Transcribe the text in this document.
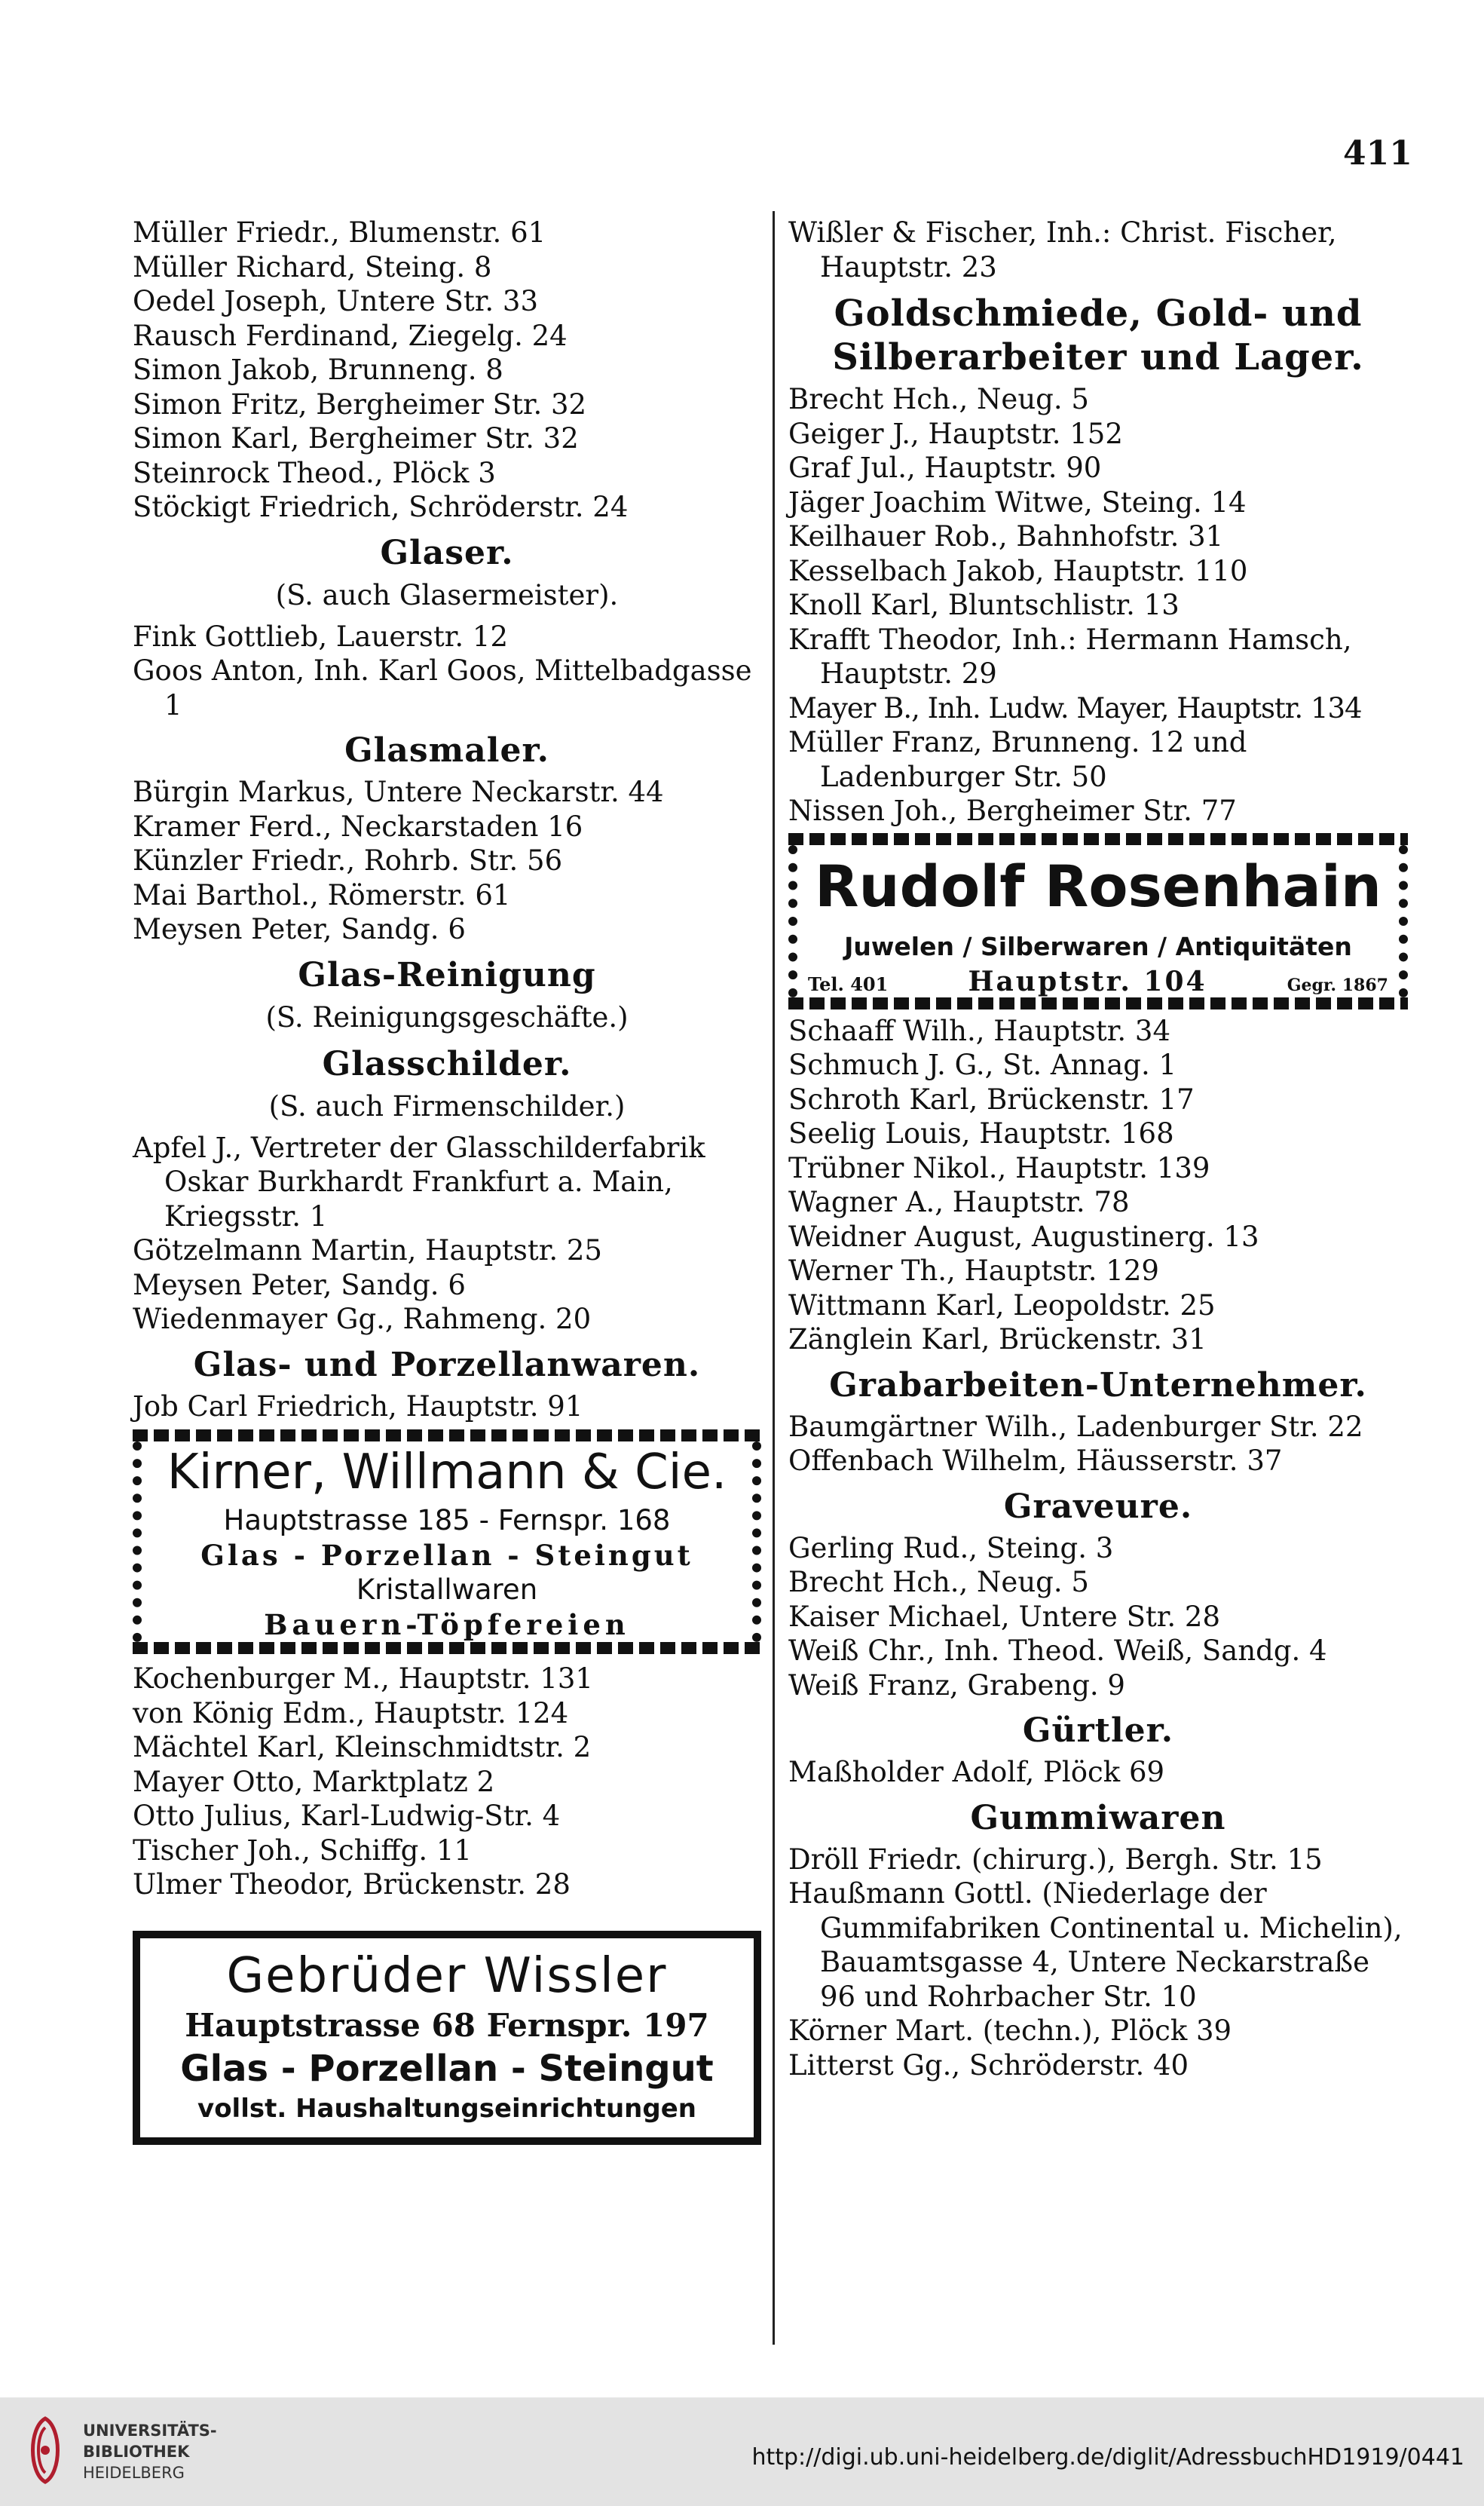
411
Müller Friedr., Blumenstr. 61
Müller Richard, Steing. 8
Oedel Joseph, Untere Str. 33
Rausch Ferdinand, Ziegelg. 24
Simon Jakob, Brunneng. 8
Simon Fritz, Bergheimer Str. 32
Simon Karl, Bergheimer Str. 32
Steinrock Theod., Plöck 3
Stöckigt Friedrich, Schröderstr. 24
Glaser.
(S. auch Glasermeister).
Fink Gottlieb, Lauerstr. 12
Goos Anton, Inh. Karl Goos, Mittelbadgasse 1
Glasmaler.
Bürgin Markus, Untere Neckarstr. 44
Kramer Ferd., Neckarstaden 16
Künzler Friedr., Rohrb. Str. 56
Mai Barthol., Römerstr. 61
Meysen Peter, Sandg. 6
Glas-Reinigung
(S. Reinigungsgeschäfte.)
Glasschilder.
(S. auch Firmenschilder.)
Apfel J., Vertreter der Glasschilderfabrik Oskar Burkhardt Frankfurt a. Main, Kriegsstr. 1
Götzelmann Martin, Hauptstr. 25
Meysen Peter, Sandg. 6
Wiedenmayer Gg., Rahmeng. 20
Glas- und Porzellanwaren.
Job Carl Friedrich, Hauptstr. 91
Kirner, Willmann & Cie.
Hauptstrasse 185 - Fernspr. 168
Glas - Porzellan - Steingut
Kristallwaren
Bauern-Töpfereien
Kochenburger M., Hauptstr. 131
von König Edm., Hauptstr. 124
Mächtel Karl, Kleinschmidtstr. 2
Mayer Otto, Marktplatz 2
Otto Julius, Karl-Ludwig-Str. 4
Tischer Joh., Schiffg. 11
Ulmer Theodor, Brückenstr. 28
Gebrüder Wissler
Hauptstrasse 68 Fernspr. 197
Glas - Porzellan - Steingut
vollst. Haushaltungseinrichtungen
Wißler & Fischer, Inh.: Christ. Fischer, Hauptstr. 23
Goldschmiede, Gold- und Silberarbeiter und Lager.
Brecht Hch., Neug. 5
Geiger J., Hauptstr. 152
Graf Jul., Hauptstr. 90
Jäger Joachim Witwe, Steing. 14
Keilhauer Rob., Bahnhofstr. 31
Kesselbach Jakob, Hauptstr. 110
Knoll Karl, Bluntschlistr. 13
Krafft Theodor, Inh.: Hermann Hamsch, Hauptstr. 29
Mayer B., Inh. Ludw. Mayer, Hauptstr. 134
Müller Franz, Brunneng. 12 und Ladenburger Str. 50
Nissen Joh., Bergheimer Str. 77
Rudolf Rosenhain
Juwelen / Silberwaren / Antiquitäten
Tel. 401	Hauptstr. 104	Gegr. 1867
Schaaff Wilh., Hauptstr. 34
Schmuch J. G., St. Annag. 1
Schroth Karl, Brückenstr. 17
Seelig Louis, Hauptstr. 168
Trübner Nikol., Hauptstr. 139
Wagner A., Hauptstr. 78
Weidner August, Augustinerg. 13
Werner Th., Hauptstr. 129
Wittmann Karl, Leopoldstr. 25
Zänglein Karl, Brückenstr. 31
Grabarbeiten-Unternehmer.
Baumgärtner Wilh., Ladenburger Str. 22
Offenbach Wilhelm, Häusserstr. 37
Graveure.
Gerling Rud., Steing. 3
Brecht Hch., Neug. 5
Kaiser Michael, Untere Str. 28
Weiß Chr., Inh. Theod. Weiß, Sandg. 4
Weiß Franz, Grabeng. 9
Gürtler.
Maßholder Adolf, Plöck 69
Gummiwaren
Dröll Friedr. (chirurg.), Bergh. Str. 15
Haußmann Gottl. (Niederlage der Gummifabriken Continental u. Michelin), Bauamtsgasse 4, Untere Neckarstraße 96 und Rohrbacher Str. 10
Körner Mart. (techn.), Plöck 39
Litterst Gg., Schröderstr. 40
UNIVERSITÄTS-
BIBLIOTHEK
HEIDELBERG
http://digi.ub.uni-heidelberg.de/diglit/AdressbuchHD1919/0441
